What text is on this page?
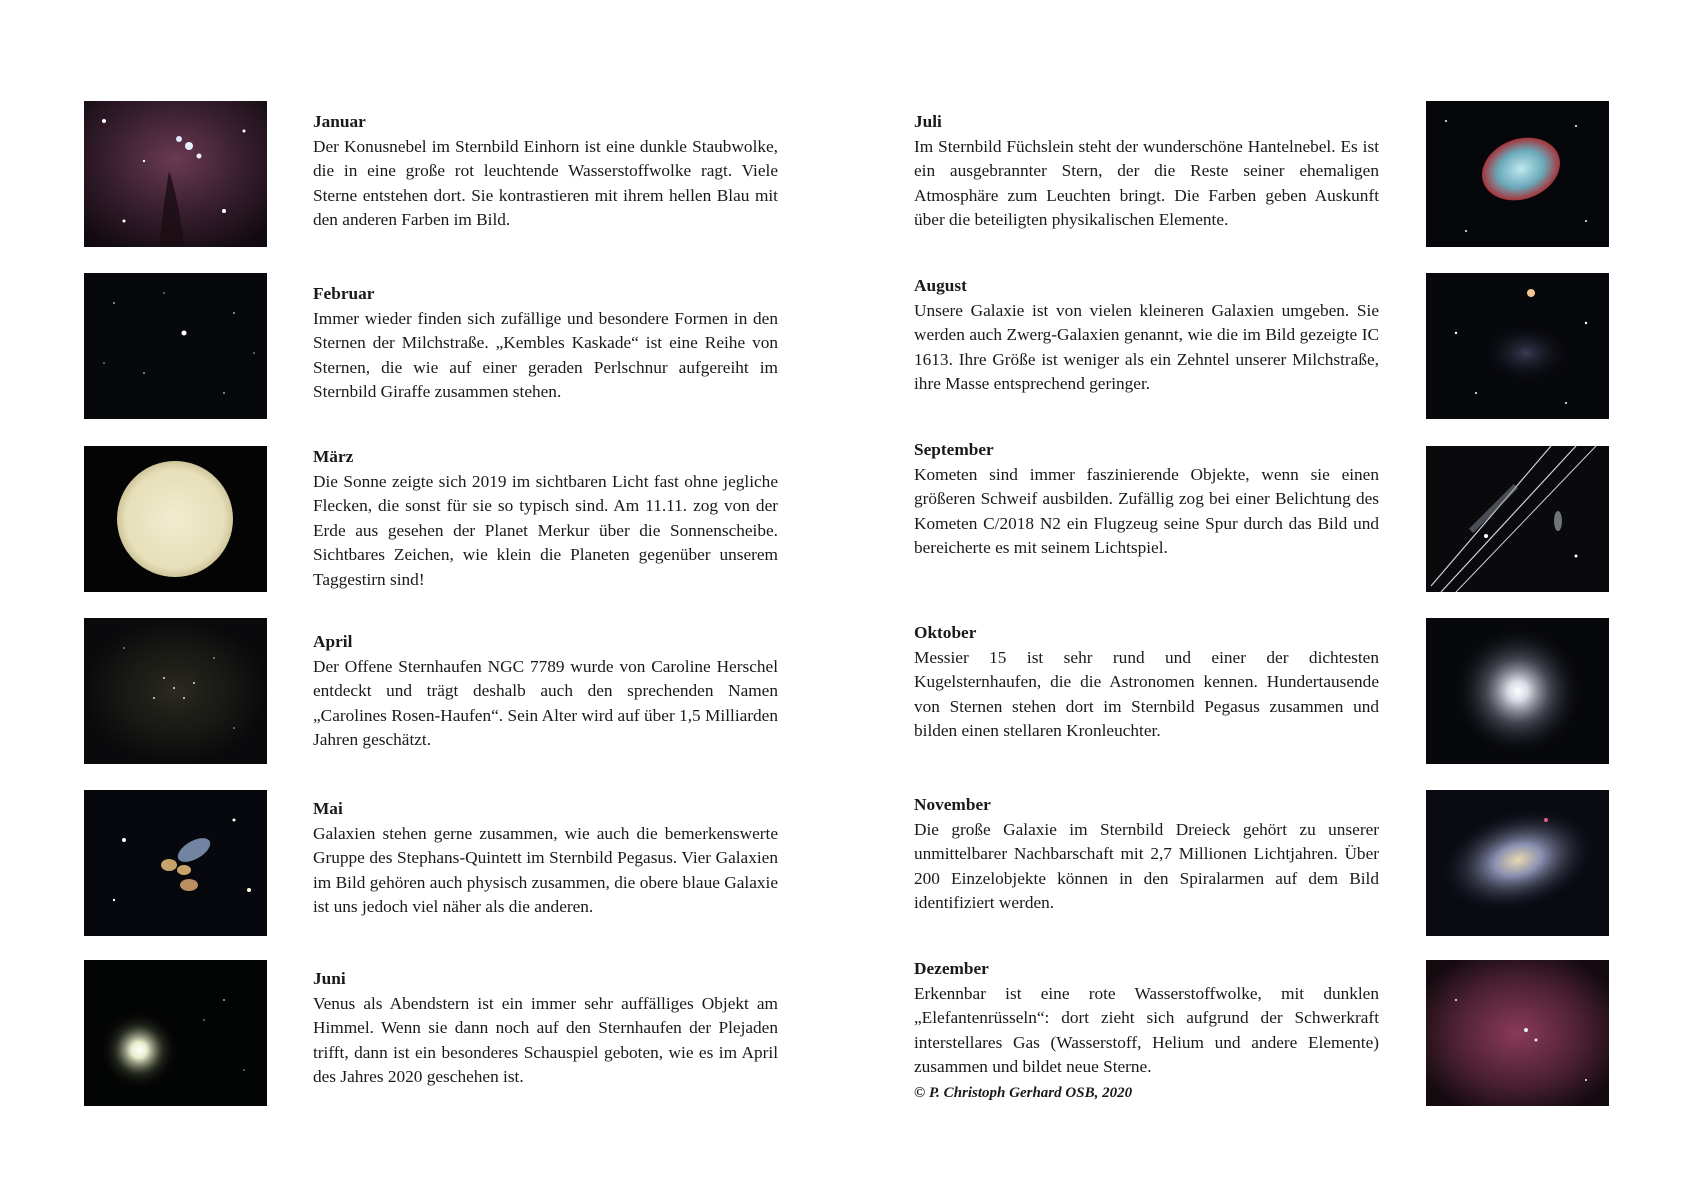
Januar
Der Konusnebel im Sternbild Einhorn ist eine dunkle Staubwolke, die in eine große rot leuchtende Wasserstoffwolke ragt. Viele Sterne entstehen dort. Sie kontrastieren mit ihrem hellen Blau mit den anderen Farben im Bild.
Februar
Immer wieder finden sich zufällige und besondere Formen in den Sternen der Milchstraße. „Kembles Kaskade“ ist eine Reihe von Sternen, die wie auf einer geraden Perlschnur aufgereiht im Sternbild Giraffe zusammen stehen.
März
Die Sonne zeigte sich 2019 im sichtbaren Licht fast ohne jegliche Flecken, die sonst für sie so typisch sind. Am 11.11. zog von der Erde aus gesehen der Planet Merkur über die Sonnenscheibe. Sichtbares Zeichen, wie klein die Planeten gegenüber unserem Taggestirn sind!
April
Der Offene Sternhaufen NGC 7789 wurde von Caroline Herschel entdeckt und trägt deshalb auch den sprechenden Namen „Carolines Rosen-Haufen“. Sein Alter wird auf über 1,5 Milliarden Jahren geschätzt.
Mai
Galaxien stehen gerne zusammen, wie auch die bemerkenswerte Gruppe des Stephans-Quintett im Sternbild Pegasus. Vier Galaxien im Bild gehören auch physisch zusammen, die obere blaue Galaxie ist uns jedoch viel näher als die anderen.
Juni
Venus als Abendstern ist ein immer sehr auffälliges Objekt am Himmel. Wenn sie dann noch auf den Sternhaufen der Plejaden trifft, dann ist ein besonderes Schauspiel geboten, wie es im April des Jahres 2020 geschehen ist.
Juli
Im Sternbild Füchslein steht der wunderschöne Hantelnebel. Es ist ein ausgebrannter Stern, der die Reste seiner ehemaligen Atmosphäre zum Leuchten bringt. Die Farben geben Auskunft über die beteiligten physikalischen Elemente.
August
Unsere Galaxie ist von vielen kleineren Galaxien umgeben. Sie werden auch Zwerg-Galaxien genannt, wie die im Bild gezeigte IC 1613. Ihre Größe ist weniger als ein Zehntel unserer Milchstraße, ihre Masse entsprechend geringer.
September
Kometen sind immer faszinierende Objekte, wenn sie einen größeren Schweif ausbilden. Zufällig zog bei einer Belichtung des Kometen C/2018 N2 ein Flugzeug seine Spur durch das Bild und bereicherte es mit seinem Lichtspiel.
Oktober
Messier 15 ist sehr rund und einer der dichtesten Kugelsternhaufen, die die Astronomen kennen. Hundertausende von Sternen stehen dort im Sternbild Pegasus zusammen und bilden einen stellaren Kronleuchter.
November
Die große Galaxie im Sternbild Dreieck gehört zu unserer unmittelbarer Nachbarschaft mit 2,7 Millionen Lichtjahren. Über 200 Einzelobjekte können in den Spiralarmen auf dem Bild identifiziert werden.
Dezember
Erkennbar ist eine rote Wasserstoffwolke, mit dunklen „Elefantenrüsseln“: dort zieht sich aufgrund der Schwerkraft interstellares Gas (Wasserstoff, Helium und andere Elemente) zusammen und bildet neue Sterne.
© P. Christoph Gerhard OSB, 2020
